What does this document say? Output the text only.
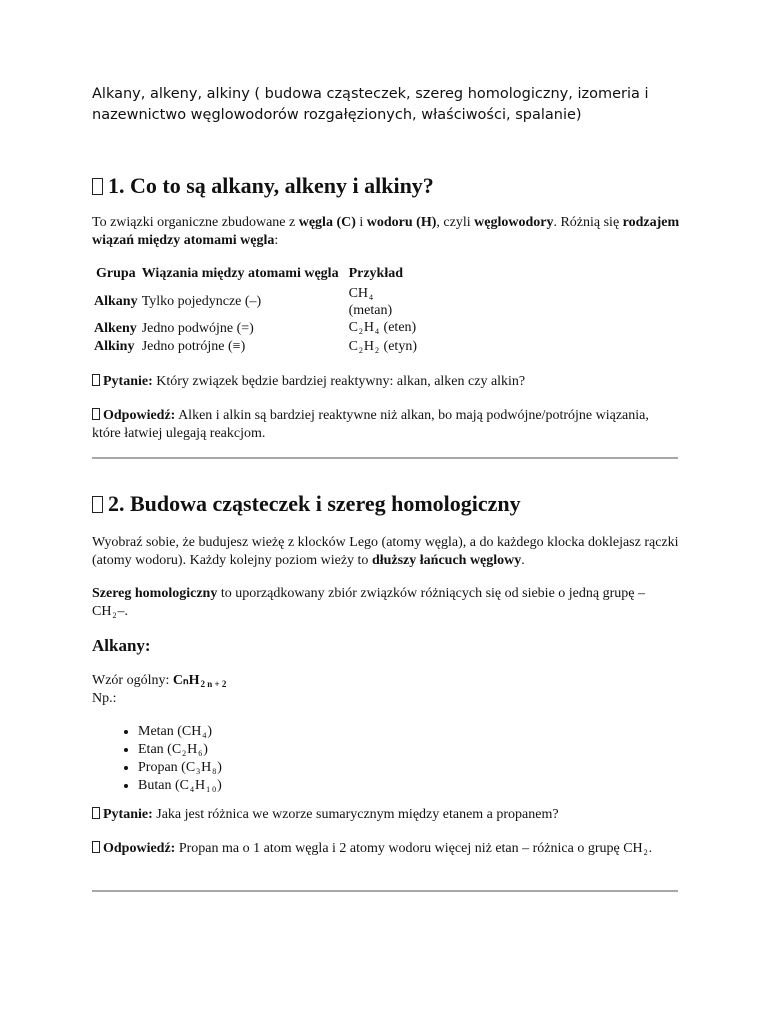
Alkany, alkeny, alkiny ( budowa cząsteczek, szereg homologiczny, izomeria i nazewnictwo węglowodorów rozgałęzionych, właściwości, spalanie)
1. Co to są alkany, alkeny i alkiny?

To związki organiczne zbudowane z węgla (C) i wodoru (H), czyli węglowodory. Różnią się rodzajem wiązań między atomami węgla:

Grupa	Wiązania między atomami węgla	Przykład
Alkany	Tylko pojedyncze (–)	$CH_4$
(metan)
Alkeny	Jedno podwójne (=)	$C_2H_4$ (eten)
Alkiny	Jedno potrójne (≡)	$C_2H_2$ (etyn)

Pytanie: Który związek będzie bardziej reaktywny: alkan, alken czy alkin?

Odpowiedź: Alken i alkin są bardziej reaktywne niż alkan, bo mają podwójne/potrójne wiązania, które łatwiej ulegają reakcjom.

2. Budowa cząsteczek i szereg homologiczny

Wyobraź sobie, że budujesz wieżę z klocków Lego (atomy węgla), a do każdego klocka doklejasz rączki (atomy wodoru). Każdy kolejny poziom wieży to dłuższy łańcuch węglowy.

Szereg homologiczny to uporządkowany zbiór związków różniących się od siebie o jedną grupę $-CH_2-$.

Alkany:

Wzór ogólny: CₙH$_{2 n + 2}$
Np.:

• Metan $(CH_4)$
• Etan $(C_2H_6)$
• Propan $(C_3H_8)$
• Butan $(C_4H_{1 0})$

Pytanie: Jaka jest różnica we wzorze sumarycznym między etanem a propanem?

Odpowiedź: Propan ma o 1 atom węgla i 2 atomy wodoru więcej niż etan – różnica o grupę $CH_2$.
